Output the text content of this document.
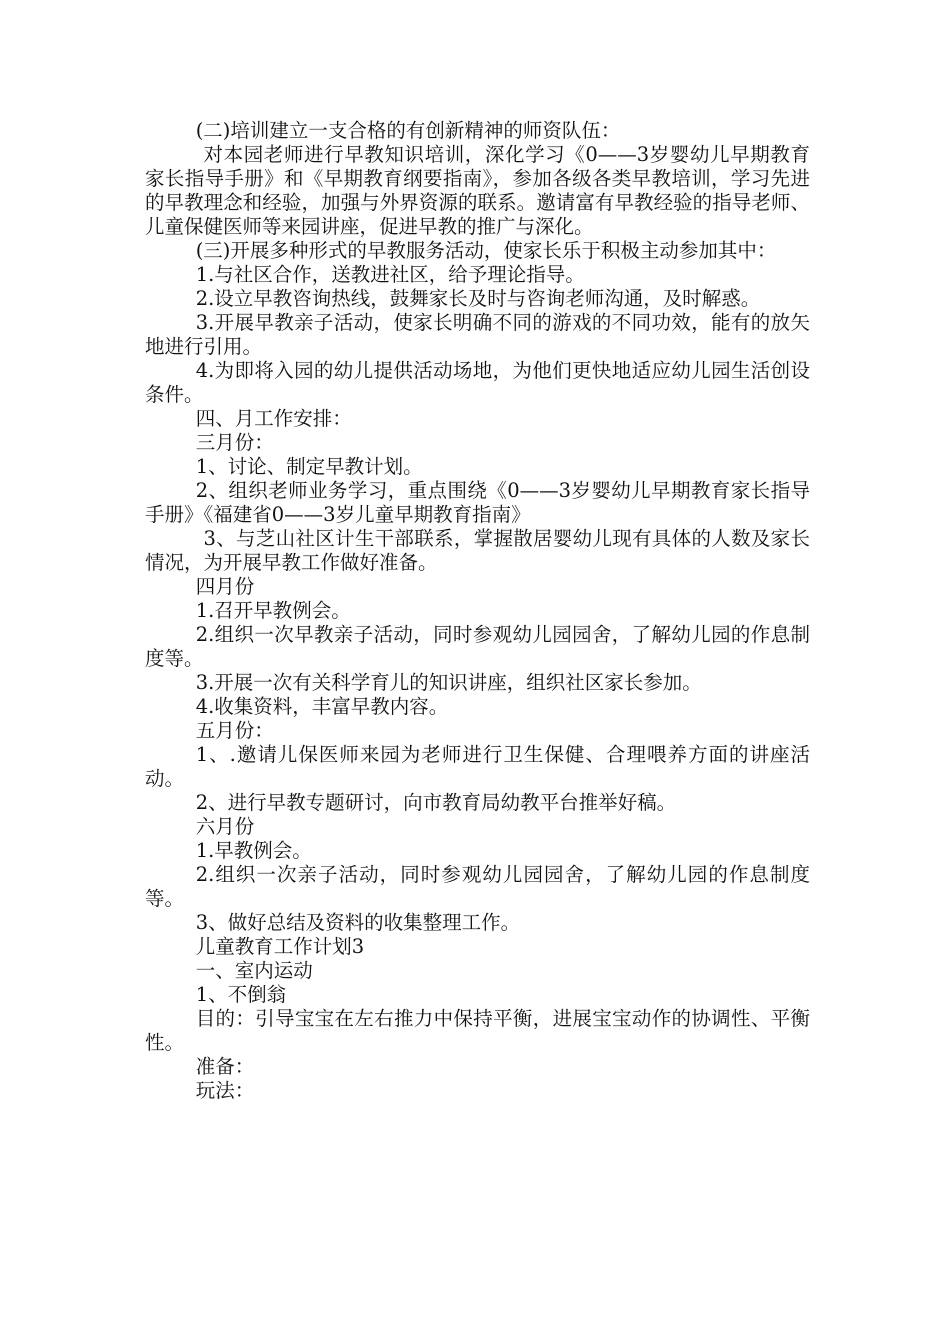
(二)培训建立一支合格的有创新精神的师资队伍：

对本园老师进行早教知识培训，深化学习《0——3岁婴幼儿早期教育家长指导手册》和《早期教育纲要指南》，参加各级各类早教培训，学习先进的早教理念和经验，加强与外界资源的联系。邀请富有早教经验的指导老师、儿童保健医师等来园讲座，促进早教的推广与深化。

(三)开展多种形式的早教服务活动，使家长乐于积极主动参加其中：

1.与社区合作，送教进社区，给予理论指导。

2.设立早教咨询热线，鼓舞家长及时与咨询老师沟通，及时解惑。

3.开展早教亲子活动，使家长明确不同的游戏的不同功效，能有的放矢地进行引用。

4.为即将入园的幼儿提供活动场地，为他们更快地适应幼儿园生活创设条件。

四、月工作安排：

三月份：

1、讨论、制定早教计划。

2、组织老师业务学习，重点围绕《0——3岁婴幼儿早期教育家长指导手册》《福建省0——3岁儿童早期教育指南》

3、与芝山社区计生干部联系，掌握散居婴幼儿现有具体的人数及家长情况，为开展早教工作做好准备。

四月份

1.召开早教例会。

2.组织一次早教亲子活动，同时参观幼儿园园舍，了解幼儿园的作息制度等。

3.开展一次有关科学育儿的知识讲座，组织社区家长参加。

4.收集资料，丰富早教内容。

五月份：

1、.邀请儿保医师来园为老师进行卫生保健、合理喂养方面的讲座活动。

2、进行早教专题研讨，向市教育局幼教平台推举好稿。

六月份

1.早教例会。

2.组织一次亲子活动，同时参观幼儿园园舍，了解幼儿园的作息制度等。

3、做好总结及资料的收集整理工作。

儿童教育工作计划3

一、室内运动

1、不倒翁

目的：引导宝宝在左右推力中保持平衡，进展宝宝动作的协调性、平衡性。

准备：

玩法：
